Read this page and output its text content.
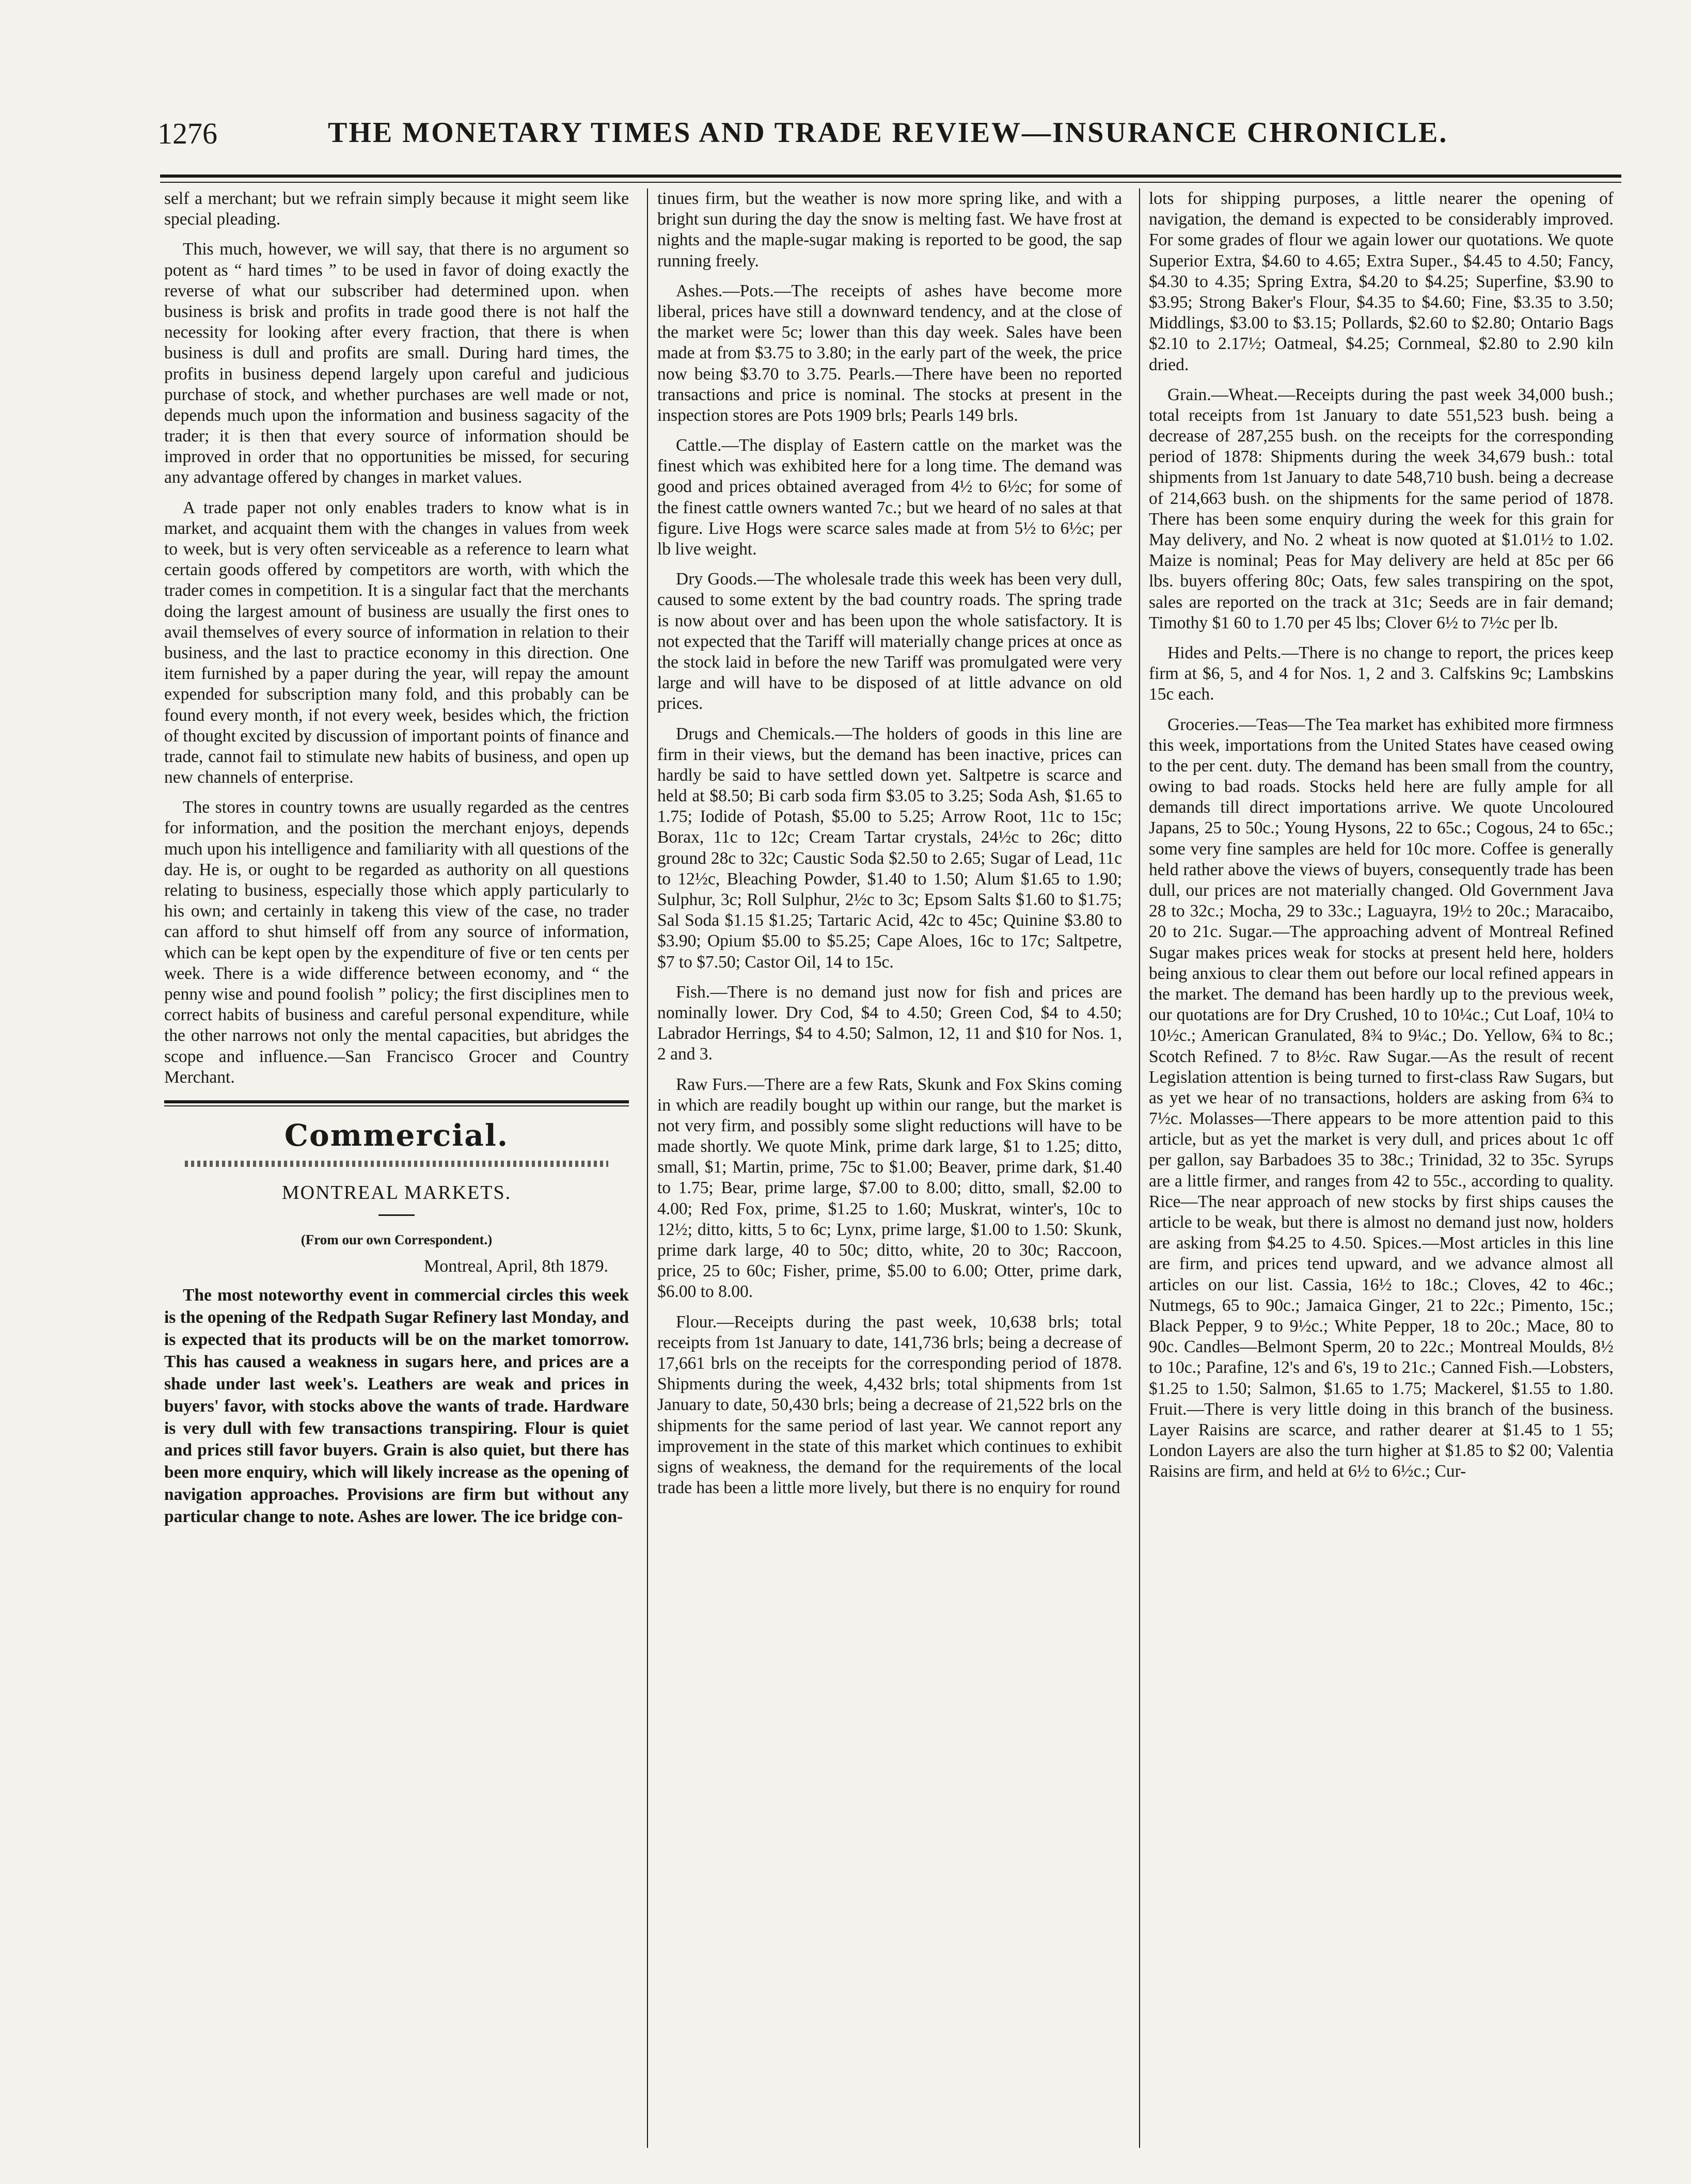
1276	THE MONETARY TIMES AND TRADE REVIEW—INSURANCE CHRONICLE.

self a merchant; but we refrain simply because it might seem like special pleading.

This much, however, we will say, that there is no argument so potent as “ hard times ” to be used in favor of doing exactly the reverse of what our subscriber had determined upon. when business is brisk and profits in trade good there is not half the necessity for looking after every fraction, that there is when business is dull and profits are small. During hard times, the profits in business depend largely upon careful and judicious purchase of stock, and whether purchases are well made or not, depends much upon the information and business sagacity of the trader; it is then that every source of information should be improved in order that no opportunities be missed, for securing any advantage offered by changes in market values.

A trade paper not only enables traders to know what is in market, and acquaint them with the changes in values from week to week, but is very often serviceable as a reference to learn what certain goods offered by competitors are worth, with which the trader comes in competition. It is a singular fact that the merchants doing the largest amount of business are usually the first ones to avail themselves of every source of information in relation to their business, and the last to practice economy in this direction. One item furnished by a paper during the year, will repay the amount expended for subscription many fold, and this probably can be found every month, if not every week, besides which, the friction of thought excited by discussion of important points of finance and trade, cannot fail to stimulate new habits of business, and open up new channels of enterprise.

The stores in country towns are usually regarded as the centres for information, and the position the merchant enjoys, depends much upon his intelligence and familiarity with all questions of the day. He is, or ought to be regarded as authority on all questions relating to business, especially those which apply particularly to his own; and certainly in takeng this view of the case, no trader can afford to shut himself off from any source of information, which can be kept open by the expenditure of five or ten cents per week. There is a wide difference between economy, and “ the penny wise and pound foolish ” policy; the first disciplines men to correct habits of business and careful personal expenditure, while the other narrows not only the mental capacities, but abridges the scope and influence.—San Francisco Grocer and Country Merchant.

Commercial.
MONTREAL MARKETS.
(From our own Correspondent.)
Montreal, April, 8th 1879.

The most noteworthy event in commercial circles this week is the opening of the Redpath Sugar Refinery last Monday, and is expected that its products will be on the market tomorrow. This has caused a weakness in sugars here, and prices are a shade under last week's. Leathers are weak and prices in buyers' favor, with stocks above the wants of trade. Hardware is very dull with few transactions transpiring. Flour is quiet and prices still favor buyers. Grain is also quiet, but there has been more enquiry, which will likely increase as the opening of navigation approaches. Provisions are firm but without any particular change to note. Ashes are lower. The ice bridge con-

tinues firm, but the weather is now more spring like, and with a bright sun during the day the snow is melting fast. We have frost at nights and the maple-sugar making is reported to be good, the sap running freely.

Ashes.—Pots.—The receipts of ashes have become more liberal, prices have still a downward tendency, and at the close of the market were 5c; lower than this day week. Sales have been made at from $3.75 to 3.80; in the early part of the week, the price now being $3.70 to 3.75. Pearls.—There have been no reported transactions and price is nominal. The stocks at present in the inspection stores are Pots 1909 brls; Pearls 149 brls.

Cattle.—The display of Eastern cattle on the market was the finest which was exhibited here for a long time. The demand was good and prices obtained averaged from 4½ to 6½c; for some of the finest cattle owners wanted 7c.; but we heard of no sales at that figure. Live Hogs were scarce sales made at from 5½ to 6½c; per lb live weight.

Dry Goods.—The wholesale trade this week has been very dull, caused to some extent by the bad country roads. The spring trade is now about over and has been upon the whole satisfactory. It is not expected that the Tariff will materially change prices at once as the stock laid in before the new Tariff was promulgated were very large and will have to be disposed of at little advance on old prices.

Drugs and Chemicals.—The holders of goods in this line are firm in their views, but the demand has been inactive, prices can hardly be said to have settled down yet. Saltpetre is scarce and held at $8.50; Bi carb soda firm $3.05 to 3.25; Soda Ash, $1.65 to 1.75; Iodide of Potash, $5.00 to 5.25; Arrow Root, 11c to 15c; Borax, 11c to 12c; Cream Tartar crystals, 24½c to 26c; ditto ground 28c to 32c; Caustic Soda $2.50 to 2.65; Sugar of Lead, 11c to 12½c, Bleaching Powder, $1.40 to 1.50; Alum $1.65 to 1.90; Sulphur, 3c; Roll Sulphur, 2½c to 3c; Epsom Salts $1.60 to $1.75; Sal Soda $1.15 $1.25; Tartaric Acid, 42c to 45c; Quinine $3.80 to $3.90; Opium $5.00 to $5.25; Cape Aloes, 16c to 17c; Saltpetre, $7 to $7.50; Castor Oil, 14 to 15c.

Fish.—There is no demand just now for fish and prices are nominally lower. Dry Cod, $4 to 4.50; Green Cod, $4 to 4.50; Labrador Herrings, $4 to 4.50; Salmon, 12, 11 and $10 for Nos. 1, 2 and 3.

Raw Furs.—There are a few Rats, Skunk and Fox Skins coming in which are readily bought up within our range, but the market is not very firm, and possibly some slight reductions will have to be made shortly. We quote Mink, prime dark large, $1 to 1.25; ditto, small, $1; Martin, prime, 75c to $1.00; Beaver, prime dark, $1.40 to 1.75; Bear, prime large, $7.00 to 8.00; ditto, small, $2.00 to 4.00; Red Fox, prime, $1.25 to 1.60; Muskrat, winter's, 10c to 12½; ditto, kitts, 5 to 6c; Lynx, prime large, $1.00 to 1.50: Skunk, prime dark large, 40 to 50c; ditto, white, 20 to 30c; Raccoon, price, 25 to 60c; Fisher, prime, $5.00 to 6.00; Otter, prime dark, $6.00 to 8.00.

Flour.—Receipts during the past week, 10,638 brls; total receipts from 1st January to date, 141,736 brls; being a decrease of 17,661 brls on the receipts for the corresponding period of 1878. Shipments during the week, 4,432 brls; total shipments from 1st January to date, 50,430 brls; being a decrease of 21,522 brls on the shipments for the same period of last year. We cannot report any improvement in the state of this market which continues to exhibit signs of weakness, the demand for the requirements of the local trade has been a little more lively, but there is no enquiry for round

lots for shipping purposes, a little nearer the opening of navigation, the demand is expected to be considerably improved. For some grades of flour we again lower our quotations. We quote Superior Extra, $4.60 to 4.65; Extra Super., $4.45 to 4.50; Fancy, $4.30 to 4.35; Spring Extra, $4.20 to $4.25; Superfine, $3.90 to $3.95; Strong Baker's Flour, $4.35 to $4.60; Fine, $3.35 to 3.50; Middlings, $3.00 to $3.15; Pollards, $2.60 to $2.80; Ontario Bags $2.10 to 2.17½; Oatmeal, $4.25; Cornmeal, $2.80 to 2.90 kiln dried.

Grain.—Wheat.—Receipts during the past week 34,000 bush.; total receipts from 1st January to date 551,523 bush. being a decrease of 287,255 bush. on the receipts for the corresponding period of 1878: Shipments during the week 34,679 bush.: total shipments from 1st January to date 548,710 bush. being a decrease of 214,663 bush. on the shipments for the same period of 1878. There has been some enquiry during the week for this grain for May delivery, and No. 2 wheat is now quoted at $1.01½ to 1.02. Maize is nominal; Peas for May delivery are held at 85c per 66 lbs. buyers offering 80c; Oats, few sales transpiring on the spot, sales are reported on the track at 31c; Seeds are in fair demand; Timothy $1 60 to 1.70 per 45 lbs; Clover 6½ to 7½c per lb.

Hides and Pelts.—There is no change to report, the prices keep firm at $6, 5, and 4 for Nos. 1, 2 and 3. Calfskins 9c; Lambskins 15c each.

Groceries.—Teas—The Tea market has exhibited more firmness this week, importations from the United States have ceased owing to the per cent. duty. The demand has been small from the country, owing to bad roads. Stocks held here are fully ample for all demands till direct importations arrive. We quote Uncoloured Japans, 25 to 50c.; Young Hysons, 22 to 65c.; Cogous, 24 to 65c.; some very fine samples are held for 10c more. Coffee is generally held rather above the views of buyers, consequently trade has been dull, our prices are not materially changed. Old Government Java 28 to 32c.; Mocha, 29 to 33c.; Laguayra, 19½ to 20c.; Maracaibo, 20 to 21c. Sugar.—The approaching advent of Montreal Refined Sugar makes prices weak for stocks at present held here, holders being anxious to clear them out before our local refined appears in the market. The demand has been hardly up to the previous week, our quotations are for Dry Crushed, 10 to 10¼c.; Cut Loaf, 10¼ to 10½c.; American Granulated, 8¾ to 9¼c.; Do. Yellow, 6¾ to 8c.; Scotch Refined. 7 to 8½c. Raw Sugar.—As the result of recent Legislation attention is being turned to first-class Raw Sugars, but as yet we hear of no transactions, holders are asking from 6¾ to 7½c. Molasses—There appears to be more attention paid to this article, but as yet the market is very dull, and prices about 1c off per gallon, say Barbadoes 35 to 38c.; Trinidad, 32 to 35c. Syrups are a little firmer, and ranges from 42 to 55c., according to quality. Rice—The near approach of new stocks by first ships causes the article to be weak, but there is almost no demand just now, holders are asking from $4.25 to 4.50. Spices.—Most articles in this line are firm, and prices tend upward, and we advance almost all articles on our list. Cassia, 16½ to 18c.; Cloves, 42 to 46c.; Nutmegs, 65 to 90c.; Jamaica Ginger, 21 to 22c.; Pimento, 15c.; Black Pepper, 9 to 9½c.; White Pepper, 18 to 20c.; Mace, 80 to 90c. Candles—Belmont Sperm, 20 to 22c.; Montreal Moulds, 8½ to 10c.; Parafine, 12's and 6's, 19 to 21c.; Canned Fish.—Lobsters, $1.25 to 1.50; Salmon, $1.65 to 1.75; Mackerel, $1.55 to 1.80. Fruit.—There is very little doing in this branch of the business. Layer Raisins are scarce, and rather dearer at $1.45 to 1 55; London Layers are also the turn higher at $1.85 to $2 00; Valentia Raisins are firm, and held at 6½ to 6½c.; Cur-
